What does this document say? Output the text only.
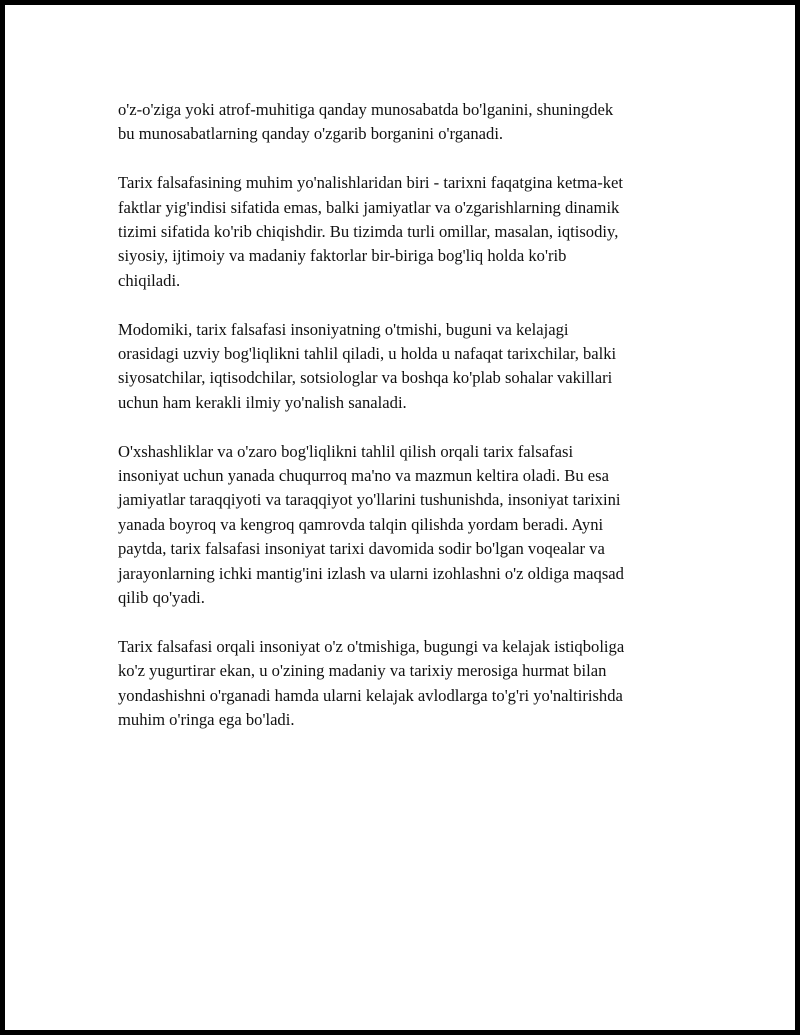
o'z-o'ziga yoki atrof-muhitiga qanday munosabatda bo'lganini, shuningdek
bu munosabatlarning qanday o'zgarib borganini o'rganadi.

Tarix falsafasining muhim yo'nalishlaridan biri - tarixni faqatgina ketma-ket
faktlar yig'indisi sifatida emas, balki jamiyatlar va o'zgarishlarning dinamik
tizimi sifatida ko'rib chiqishdir. Bu tizimda turli omillar, masalan, iqtisodiy,
siyosiy, ijtimoiy va madaniy faktorlar bir-biriga bog'liq holda ko'rib
chiqiladi.

Modomiki, tarix falsafasi insoniyatning o'tmishi, buguni va kelajagi
orasidagi uzviy bog'liqlikni tahlil qiladi, u holda u nafaqat tarixchilar, balki
siyosatchilar, iqtisodchilar, sotsiologlar va boshqa ko'plab sohalar vakillari
uchun ham kerakli ilmiy yo'nalish sanaladi.

O'xshashliklar va o'zaro bog'liqlikni tahlil qilish orqali tarix falsafasi
insoniyat uchun yanada chuqurroq ma'no va mazmun keltira oladi. Bu esa
jamiyatlar taraqqiyoti va taraqqiyot yo'llarini tushunishda, insoniyat tarixini
yanada boyroq va kengroq qamrovda talqin qilishda yordam beradi. Ayni
paytda, tarix falsafasi insoniyat tarixi davomida sodir bo'lgan voqealar va
jarayonlarning ichki mantig'ini izlash va ularni izohlashni o'z oldiga maqsad
qilib qo'yadi.

Tarix falsafasi orqali insoniyat o'z o'tmishiga, bugungi va kelajak istiqboliga
ko'z yugurtirar ekan, u o'zining madaniy va tarixiy merosiga hurmat bilan
yondashishni o'rganadi hamda ularni kelajak avlodlarga to'g'ri yo'naltirishda
muhim o'ringa ega bo'ladi.
